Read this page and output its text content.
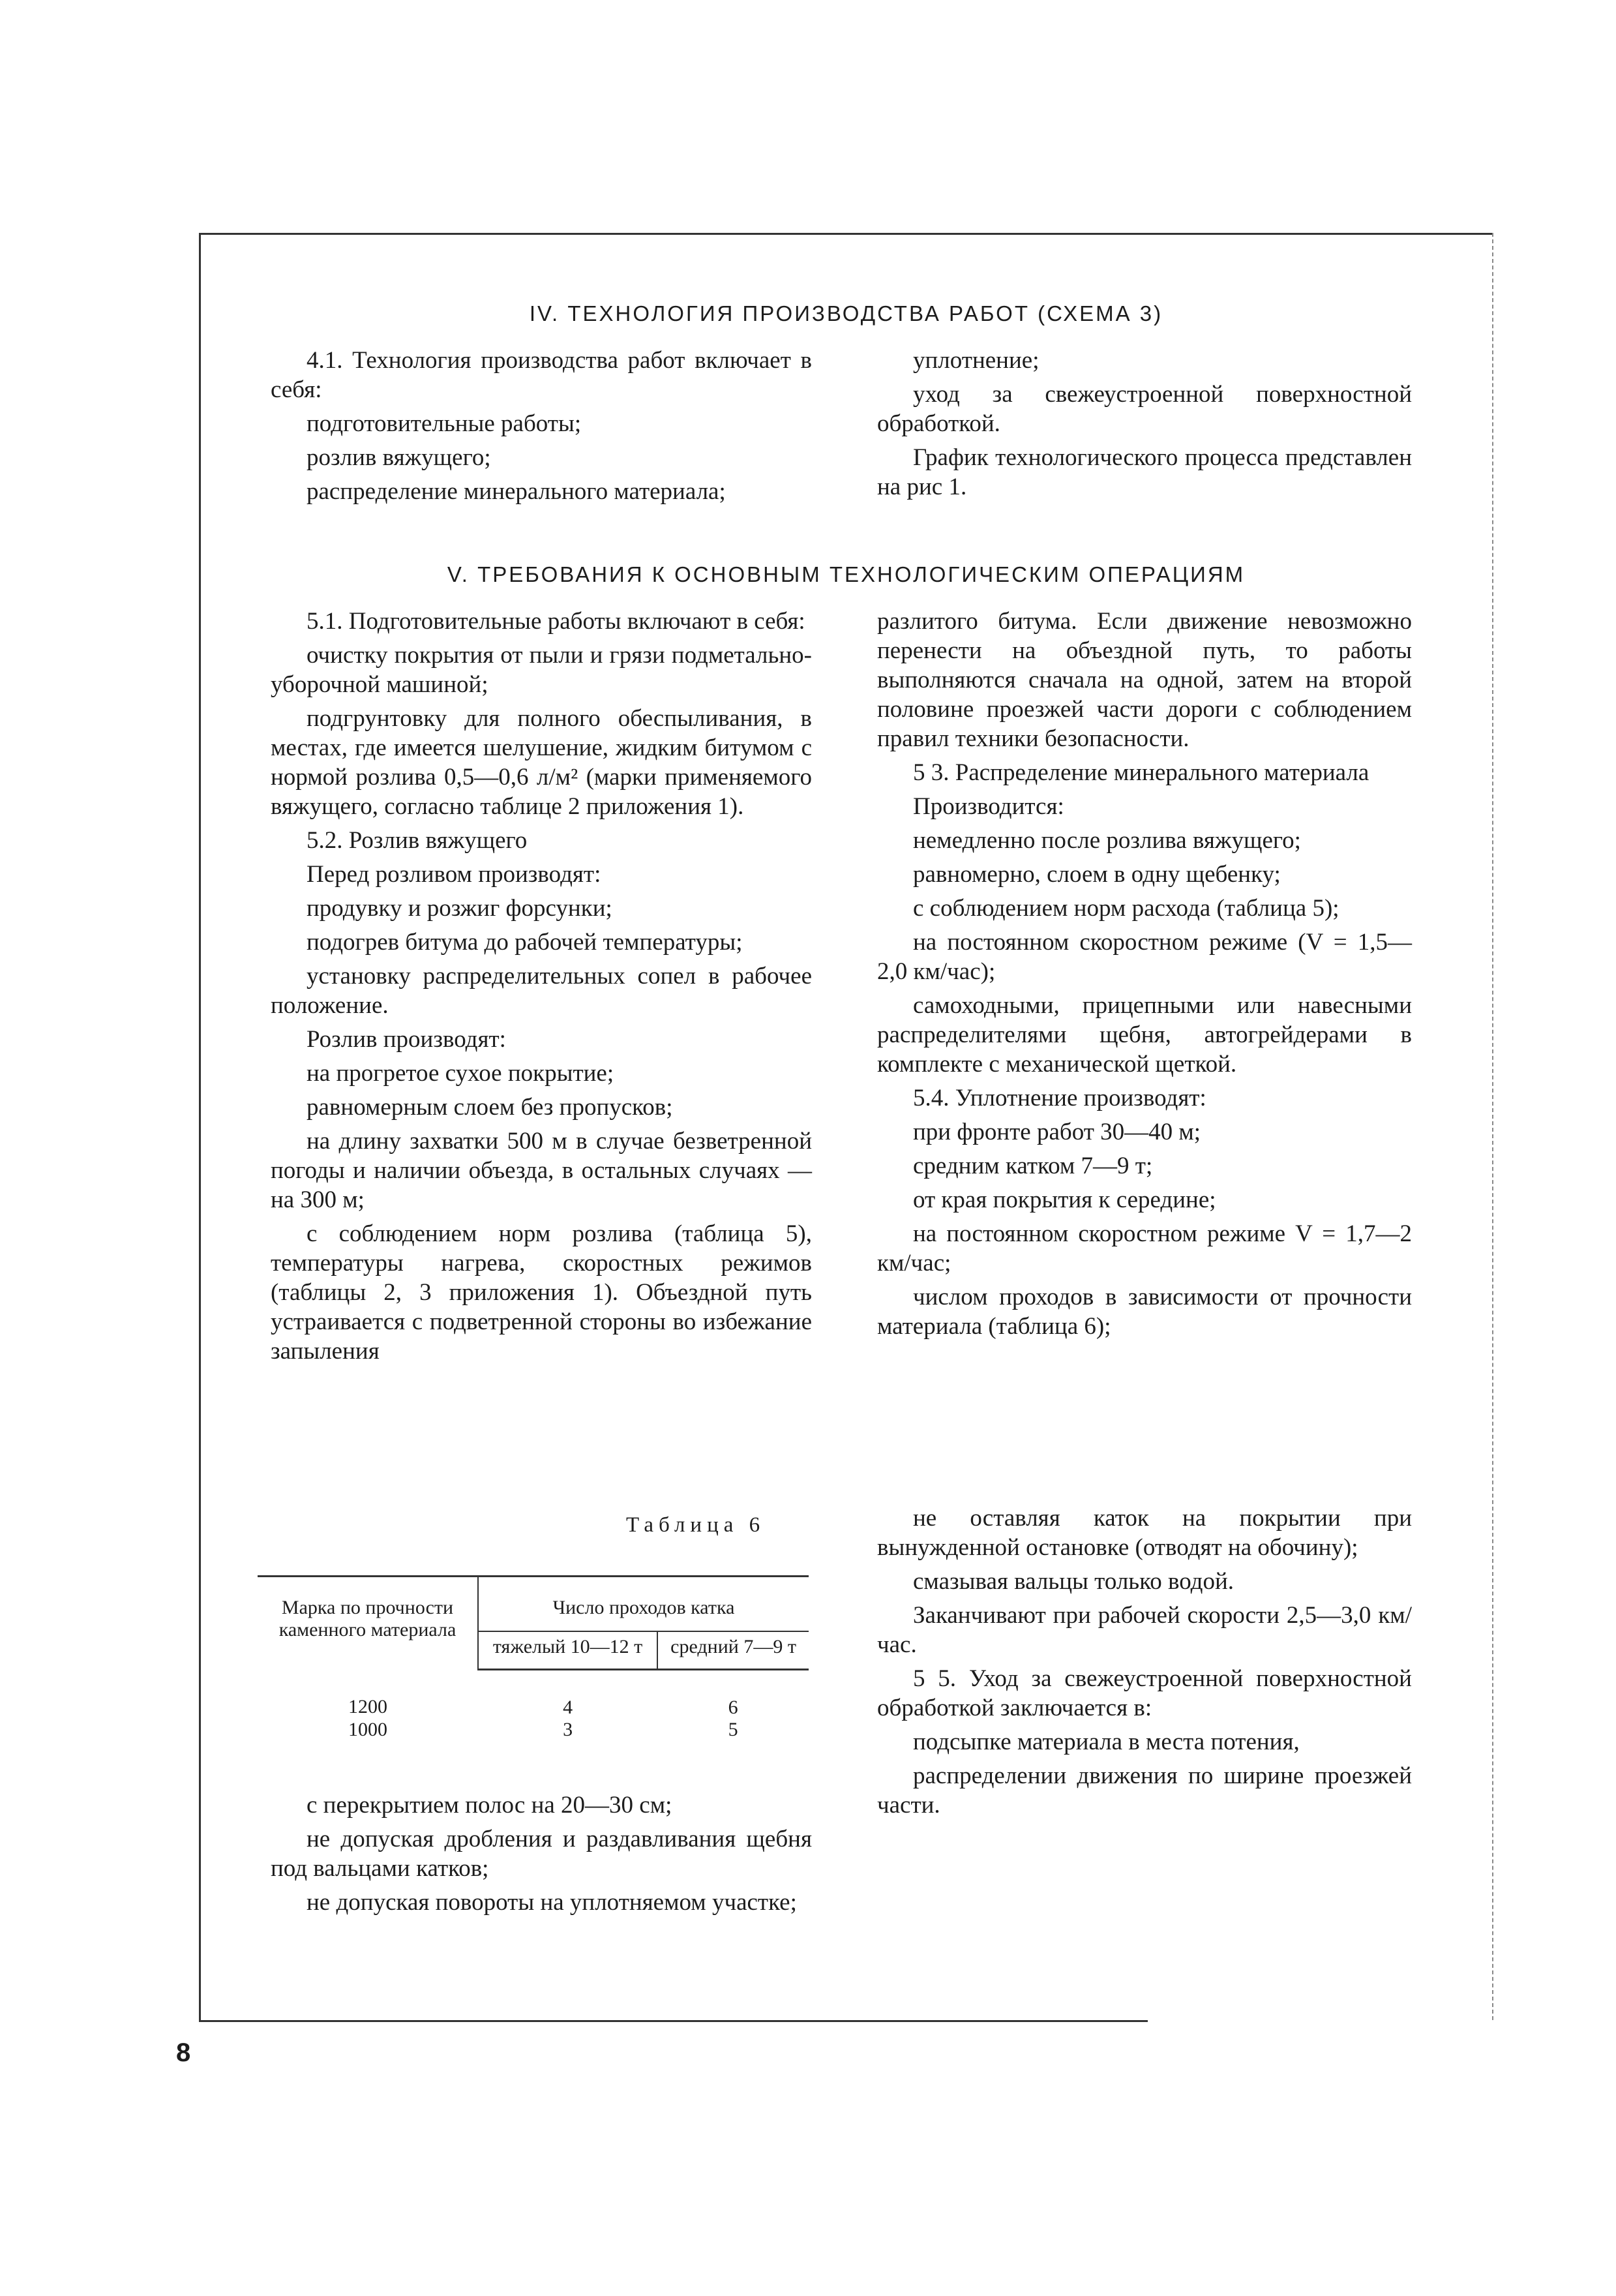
IV. ТЕХНОЛОГИЯ ПРОИЗВОДСТВА РАБОТ (СХЕМА 3)

4.1. Технология производства работ включает в себя:

подготовительные работы;

розлив вяжущего;

распределение минерального материала;

уплотнение;

уход за свежеустроенной поверхностной обработкой.

График технологического процесса представлен на рис 1.

V. ТРЕБОВАНИЯ К ОСНОВНЫМ ТЕХНОЛОГИЧЕСКИМ ОПЕРАЦИЯМ

5.1. Подготовительные работы включают в себя:

очистку покрытия от пыли и грязи подметально-уборочной машиной;

подгрунтовку для полного обеспыливания, в местах, где имеется шелушение, жидким битумом с нормой розлива 0,5—0,6 л/м² (марки применяемого вяжущего, согласно таблице 2 приложения 1).

5.2. Розлив вяжущего

Перед розливом производят:

продувку и розжиг форсунки;

подогрев битума до рабочей температуры;

установку распределительных сопел в рабочее положение.

Розлив производят:

на прогретое сухое покрытие;

равномерным слоем без пропусков;

на длину захватки 500 м в случае безветренной погоды и наличии объезда, в остальных случаях — на 300 м;

с соблюдением норм розлива (таблица 5), температуры нагрева, скоростных режимов (таблицы 2, 3 приложения 1). Объездной путь устраивается с подветренной стороны во избежание запыления

разлитого битума. Если движение невозможно перенести на объездной путь, то работы выполняются сначала на одной, затем на второй половине проезжей части дороги с соблюдением правил техники безопасности.

5 3. Распределение минерального материала

Производится:

немедленно после розлива вяжущего;

равномерно, слоем в одну щебенку;

с соблюдением норм расхода (таблица 5);

на постоянном скоростном режиме (V = 1,5—2,0 км/час);

самоходными, прицепными или навесными распределителями щебня, автогрейдерами в комплекте с механической щеткой.

5.4. Уплотнение производят:

при фронте работ 30—40 м;

средним катком 7—9 т;

от края покрытия к середине;

на постоянном скоростном режиме V = 1,7—2 км/час;

числом проходов в зависимости от прочности материала (таблица 6);

Таблица 6
Марка по прочности каменного материала	Число проходов катка	
	тяжелый 10—12 т	средний 7—9 т
1200	4	6
1000	3	5

с перекрытием полос на 20—30 см;

не допуская дробления и раздавливания щебня под вальцами катков;

не допуская повороты на уплотняемом участке;

не оставляя каток на покрытии при вынужденной остановке (отводят на обочину);

смазывая вальцы только водой.

Заканчивают при рабочей скорости 2,5—3,0 км/час.

5 5. Уход за свежеустроенной поверхностной обработкой заключается в:

подсыпке материала в места потения,

распределении движения по ширине проезжей части.

8
